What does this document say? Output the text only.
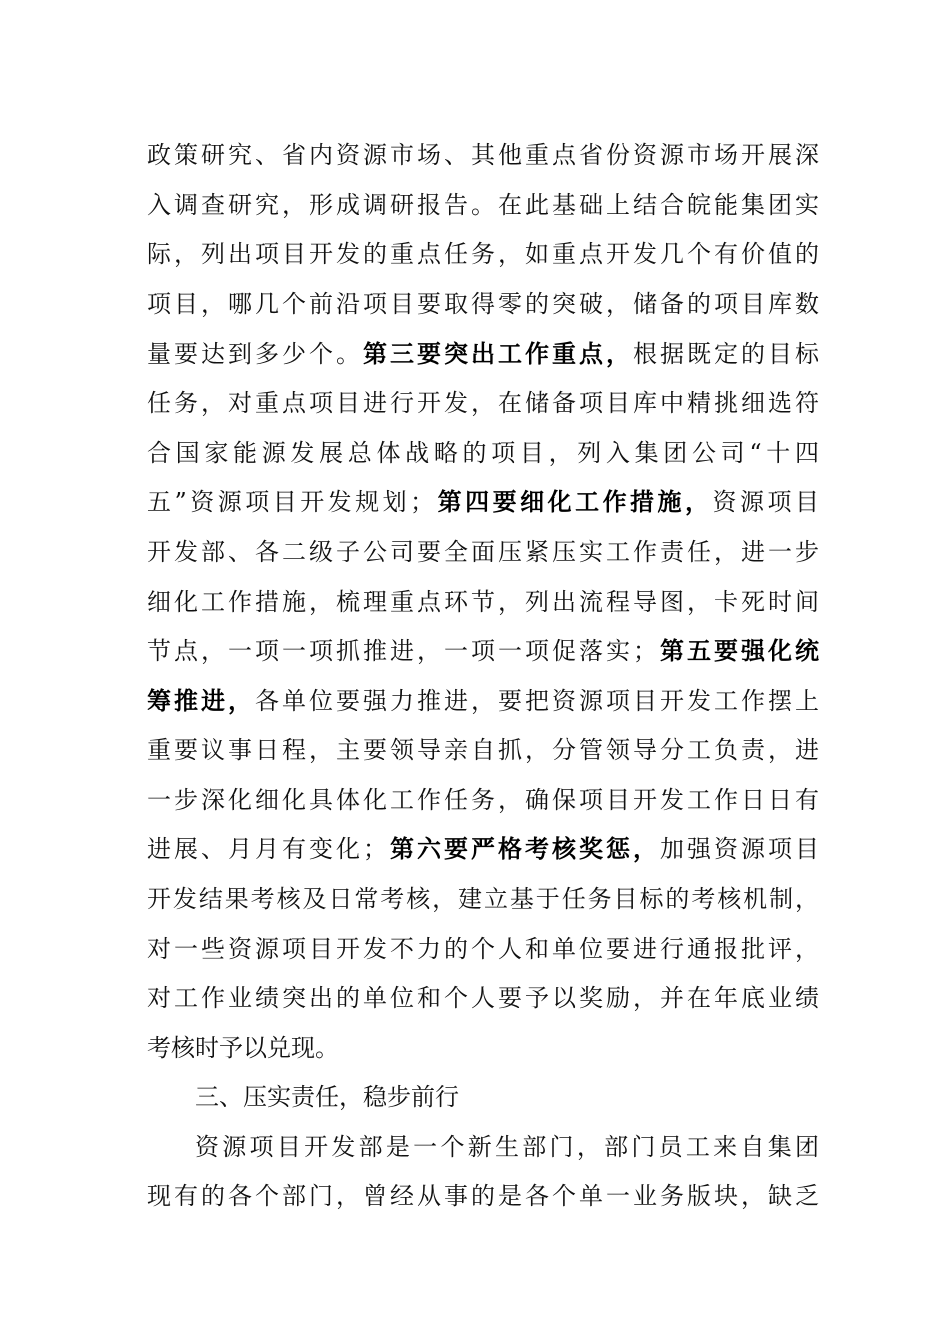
政策研究、省内资源市场、其他重点省份资源市场开展深
入调查研究，形成调研报告。在此基础上结合皖能集团实
际，列出项目开发的重点任务，如重点开发几个有价值的
项目，哪几个前沿项目要取得零的突破，储备的项目库数
量要达到多少个。第三要突出工作重点，根据既定的目标
任务，对重点项目进行开发，在储备项目库中精挑细选符
合国家能源发展总体战略的项目，列入集团公司“十四
五”资源项目开发规划；第四要细化工作措施，资源项目
开发部、各二级子公司要全面压紧压实工作责任，进一步
细化工作措施，梳理重点环节，列出流程导图，卡死时间
节点，一项一项抓推进，一项一项促落实；第五要强化统
筹推进，各单位要强力推进，要把资源项目开发工作摆上
重要议事日程，主要领导亲自抓，分管领导分工负责，进
一步深化细化具体化工作任务，确保项目开发工作日日有
进展、月月有变化；第六要严格考核奖惩，加强资源项目
开发结果考核及日常考核，建立基于任务目标的考核机制，
对一些资源项目开发不力的个人和单位要进行通报批评，
对工作业绩突出的单位和个人要予以奖励，并在年底业绩
考核时予以兑现。
三、压实责任，稳步前行
资源项目开发部是一个新生部门，部门员工来自集团
现有的各个部门，曾经从事的是各个单一业务版块，缺乏
